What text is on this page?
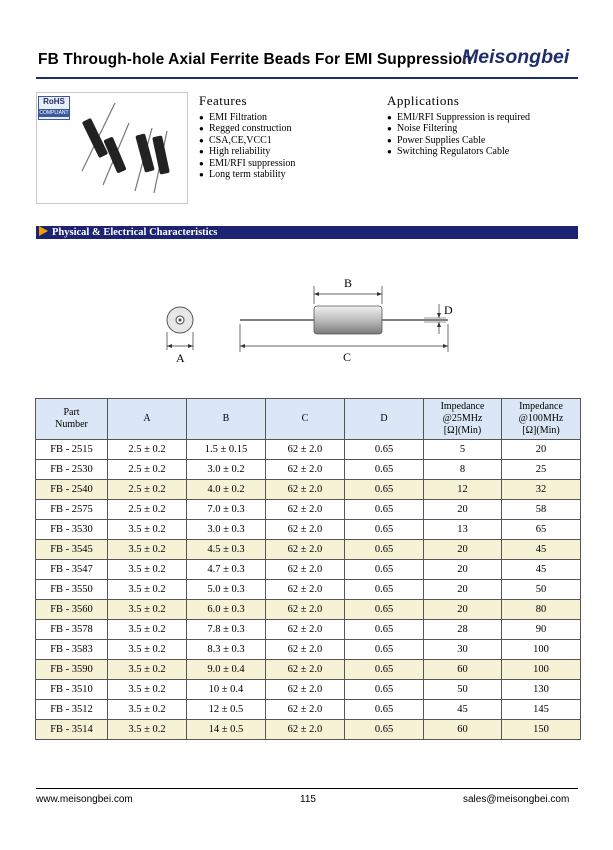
FB Through-hole Axial Ferrite Beads For EMI Suppression
Meisongbei
RoHS
COMPLIANT
Features
● EMI Filtration
● Regged construction
● CSA,CE,VCC1
● High reliability
● EMI/RFI suppression
● Long term stability
Applications
● EMI/RFI Suppression is required
● Noise Filtering
● Power Supplies Cable
● Switching Regulators Cable
Physical & Electrical Characteristics
A
B
C
D
Part
Number	A	B	C	D	Impedance
@25MHz
[Ω](Min)	Impedance
@100MHz
[Ω](Min)
FB - 2515	2.5 ± 0.2	1.5 ± 0.15	62 ± 2.0	0.65	5	20
FB - 2530	2.5 ± 0.2	3.0 ± 0.2	62 ± 2.0	0.65	8	25
FB - 2540	2.5 ± 0.2	4.0 ± 0.2	62 ± 2.0	0.65	12	32
FB - 2575	2.5 ± 0.2	7.0 ± 0.3	62 ± 2.0	0.65	20	58
FB - 3530	3.5 ± 0.2	3.0 ± 0.3	62 ± 2.0	0.65	13	65
FB - 3545	3.5 ± 0.2	4.5 ± 0.3	62 ± 2.0	0.65	20	45
FB - 3547	3.5 ± 0.2	4.7 ± 0.3	62 ± 2.0	0.65	20	45
FB - 3550	3.5 ± 0.2	5.0 ± 0.3	62 ± 2.0	0.65	20	50
FB - 3560	3.5 ± 0.2	6.0 ± 0.3	62 ± 2.0	0.65	20	80
FB - 3578	3.5 ± 0.2	7.8 ± 0.3	62 ± 2.0	0.65	28	90
FB - 3583	3.5 ± 0.2	8.3 ± 0.3	62 ± 2.0	0.65	30	100
FB - 3590	3.5 ± 0.2	9.0 ± 0.4	62 ± 2.0	0.65	60	100
FB - 3510	3.5 ± 0.2	10 ± 0.4	62 ± 2.0	0.65	50	130
FB - 3512	3.5 ± 0.2	12 ± 0.5	62 ± 2.0	0.65	45	145
FB - 3514	3.5 ± 0.2	14 ± 0.5	62 ± 2.0	0.65	60	150
www.meisongbei.com	115	sales@meisongbei.com
